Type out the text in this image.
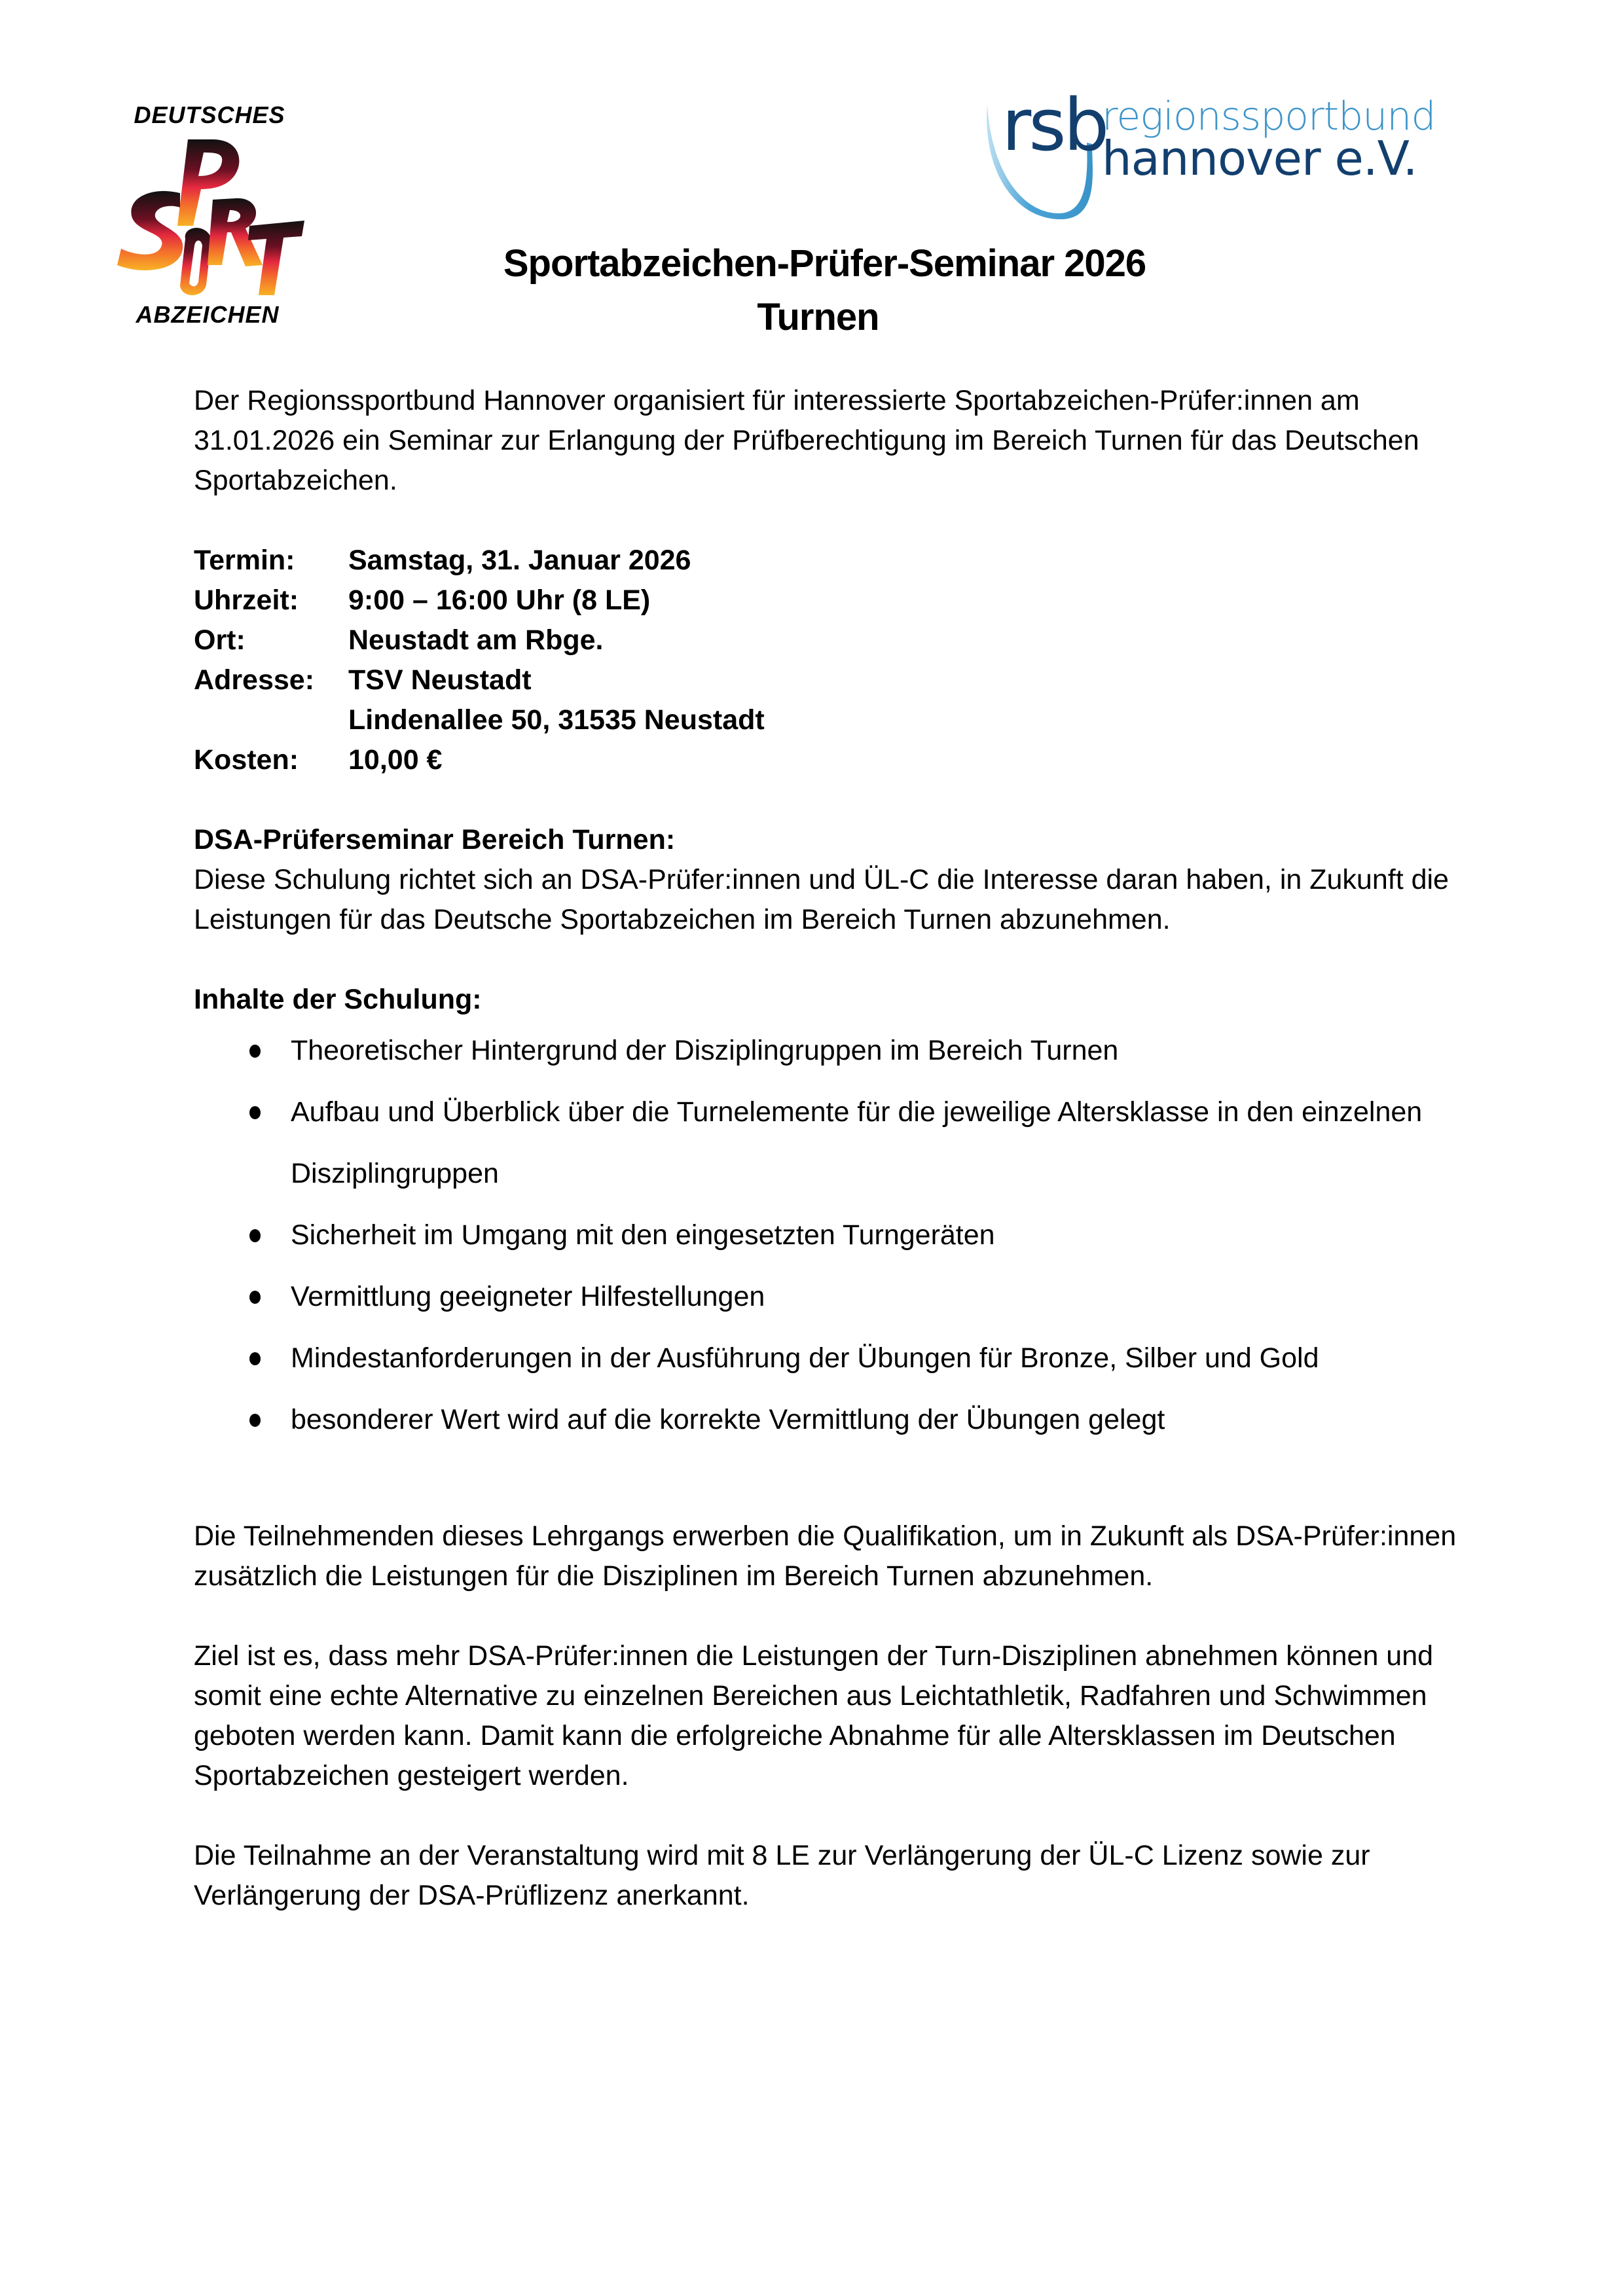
DEUTSCHES
ABZEICHEN
rsb
regionssportbund
hannover e.V.
Sportabzeichen-Prüfer-Seminar 2026
Turnen

Der Regionssportbund Hannover organisiert für interessierte Sportabzeichen-Prüfer:innen am 31.01.2026 ein Seminar zur Erlangung der Prüfberechtigung im Bereich Turnen für das Deutschen Sportabzeichen.

Termin:	Samstag, 31. Januar 2026
Uhrzeit:	9:00 – 16:00 Uhr (8 LE)
Ort:	Neustadt am Rbge.
Adresse:	TSV Neustadt
	Lindenallee 50, 31535 Neustadt
Kosten:	10,00 €

DSA-Prüferseminar Bereich Turnen:

Diese Schulung richtet sich an DSA-Prüfer:innen und ÜL-C die Interesse daran haben, in Zukunft die Leistungen für das Deutsche Sportabzeichen im Bereich Turnen abzunehmen.

Inhalte der Schulung:

Theoretischer Hintergrund der Disziplingruppen im Bereich Turnen
Aufbau und Überblick über die Turnelemente für die jeweilige Altersklasse in den einzelnen Disziplingruppen
Sicherheit im Umgang mit den eingesetzten Turngeräten
Vermittlung geeigneter Hilfestellungen
Mindestanforderungen in der Ausführung der Übungen für Bronze, Silber und Gold
besonderer Wert wird auf die korrekte Vermittlung der Übungen gelegt

Die Teilnehmenden dieses Lehrgangs erwerben die Qualifikation, um in Zukunft als DSA-Prüfer:innen zusätzlich die Leistungen für die Disziplinen im Bereich Turnen abzunehmen.

Ziel ist es, dass mehr DSA-Prüfer:innen die Leistungen der Turn-Disziplinen abnehmen können und somit eine echte Alternative zu einzelnen Bereichen aus Leichtathletik, Radfahren und Schwimmen geboten werden kann. Damit kann die erfolgreiche Abnahme für alle Altersklassen im Deutschen Sportabzeichen gesteigert werden.

Die Teilnahme an der Veranstaltung wird mit 8 LE zur Verlängerung der ÜL-C Lizenz sowie zur Verlängerung der DSA-Prüflizenz anerkannt.
